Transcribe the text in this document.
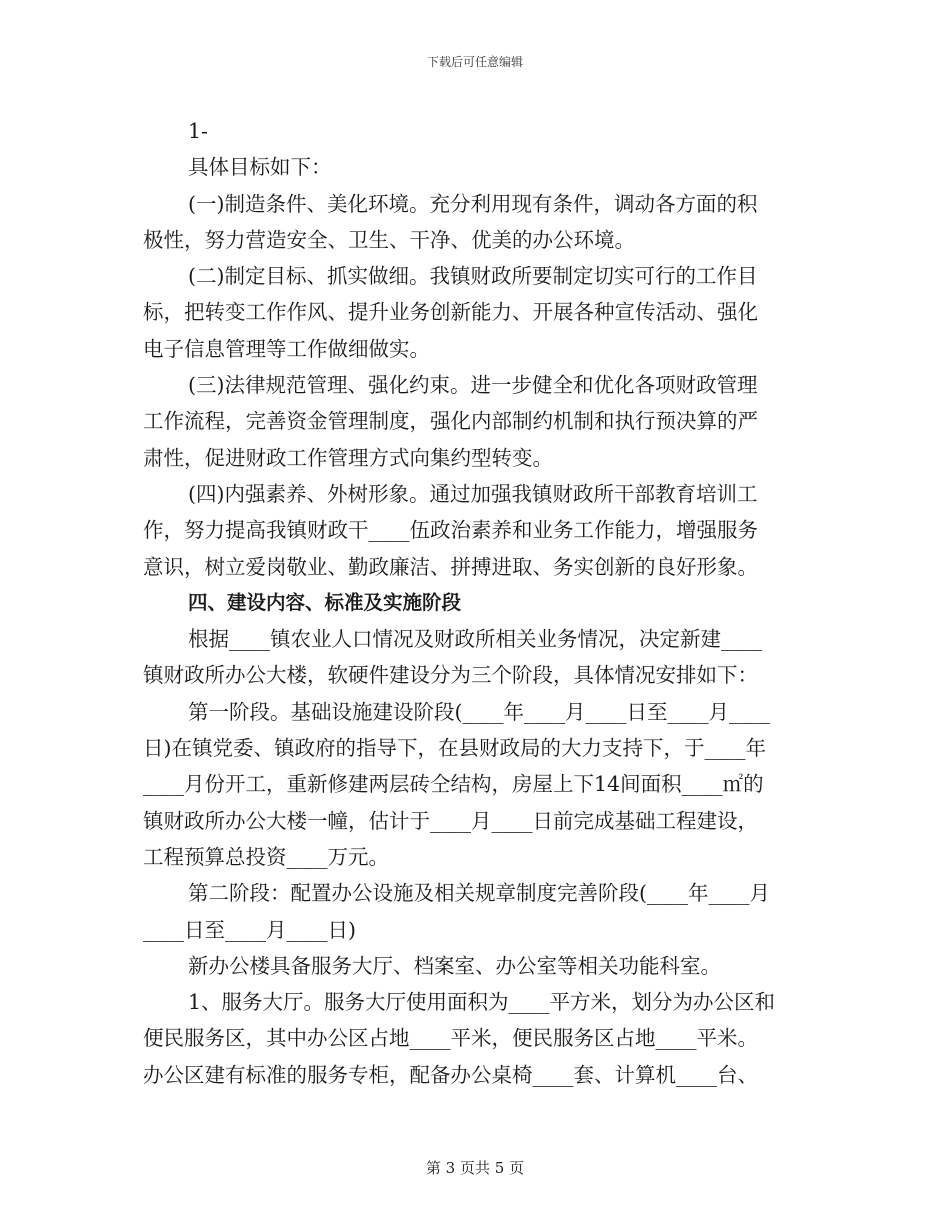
下载后可任意编辑
1-
具体目标如下：
(一)制造条件、美化环境。充分利用现有条件，调动各方面的积
极性，努力营造安全、卫生、干净、优美的办公环境。
(二)制定目标、抓实做细。我镇财政所要制定切实可行的工作目
标，把转变工作作风、提升业务创新能力、开展各种宣传活动、强化
电子信息管理等工作做细做实。
(三)法律规范管理、强化约束。进一步健全和优化各项财政管理
工作流程，完善资金管理制度，强化内部制约机制和执行预决算的严
肃性，促进财政工作管理方式向集约型转变。
(四)内强素养、外树形象。通过加强我镇财政所干部教育培训工
作，努力提高我镇财政干____伍政治素养和业务工作能力，增强服务
意识，树立爱岗敬业、勤政廉洁、拼搏进取、务实创新的良好形象。
四、建设内容、标准及实施阶段
根据____镇农业人口情况及财政所相关业务情况，决定新建____
镇财政所办公大楼，软硬件建设分为三个阶段，具体情况安排如下：
第一阶段。基础设施建设阶段(____年____月____日至____月____
日)在镇党委、镇政府的指导下，在县财政局的大力支持下，于____年
____月份开工，重新修建两层砖仝结构，房屋上下14间面积____㎡的
镇财政所办公大楼一幢，估计于____月____日前完成基础工程建设，
工程预算总投资____万元。
第二阶段：配置办公设施及相关规章制度完善阶段(____年____月
____日至____月____日)
新办公楼具备服务大厅、档案室、办公室等相关功能科室。
1、服务大厅。服务大厅使用面积为____平方米，划分为办公区和
便民服务区，其中办公区占地____平米，便民服务区占地____平米。
办公区建有标准的服务专柜，配备办公桌椅____套、计算机____台、
第 3 页共 5 页
